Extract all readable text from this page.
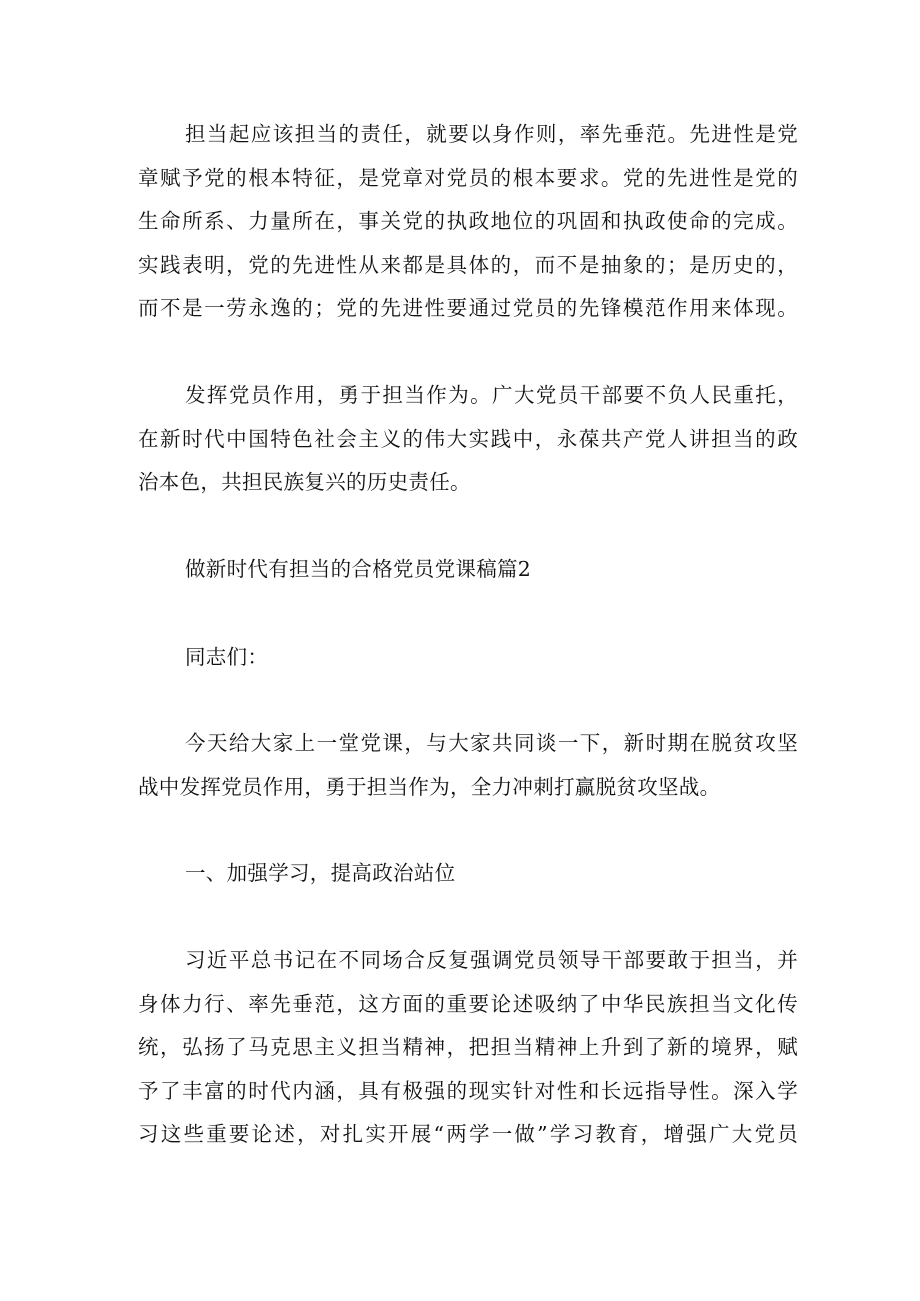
担当起应该担当的责任，就要以身作则，率先垂范。先进性是党
章赋予党的根本特征，是党章对党员的根本要求。党的先进性是党的
生命所系、力量所在，事关党的执政地位的巩固和执政使命的完成。
实践表明，党的先进性从来都是具体的，而不是抽象的；是历史的，
而不是一劳永逸的；党的先进性要通过党员的先锋模范作用来体现。
发挥党员作用，勇于担当作为。广大党员干部要不负人民重托，
在新时代中国特色社会主义的伟大实践中，永葆共产党人讲担当的政
治本色，共担民族复兴的历史责任。
做新时代有担当的合格党员党课稿篇2
同志们：
今天给大家上一堂党课，与大家共同谈一下，新时期在脱贫攻坚
战中发挥党员作用，勇于担当作为，全力冲刺打赢脱贫攻坚战。
一、加强学习，提高政治站位
习近平总书记在不同场合反复强调党员领导干部要敢于担当，并
身体力行、率先垂范，这方面的重要论述吸纳了中华民族担当文化传
统，弘扬了马克思主义担当精神，把担当精神上升到了新的境界，赋
予了丰富的时代内涵，具有极强的现实针对性和长远指导性。深入学
习这些重要论述，对扎实开展“两学一做”学习教育，增强广大党员
